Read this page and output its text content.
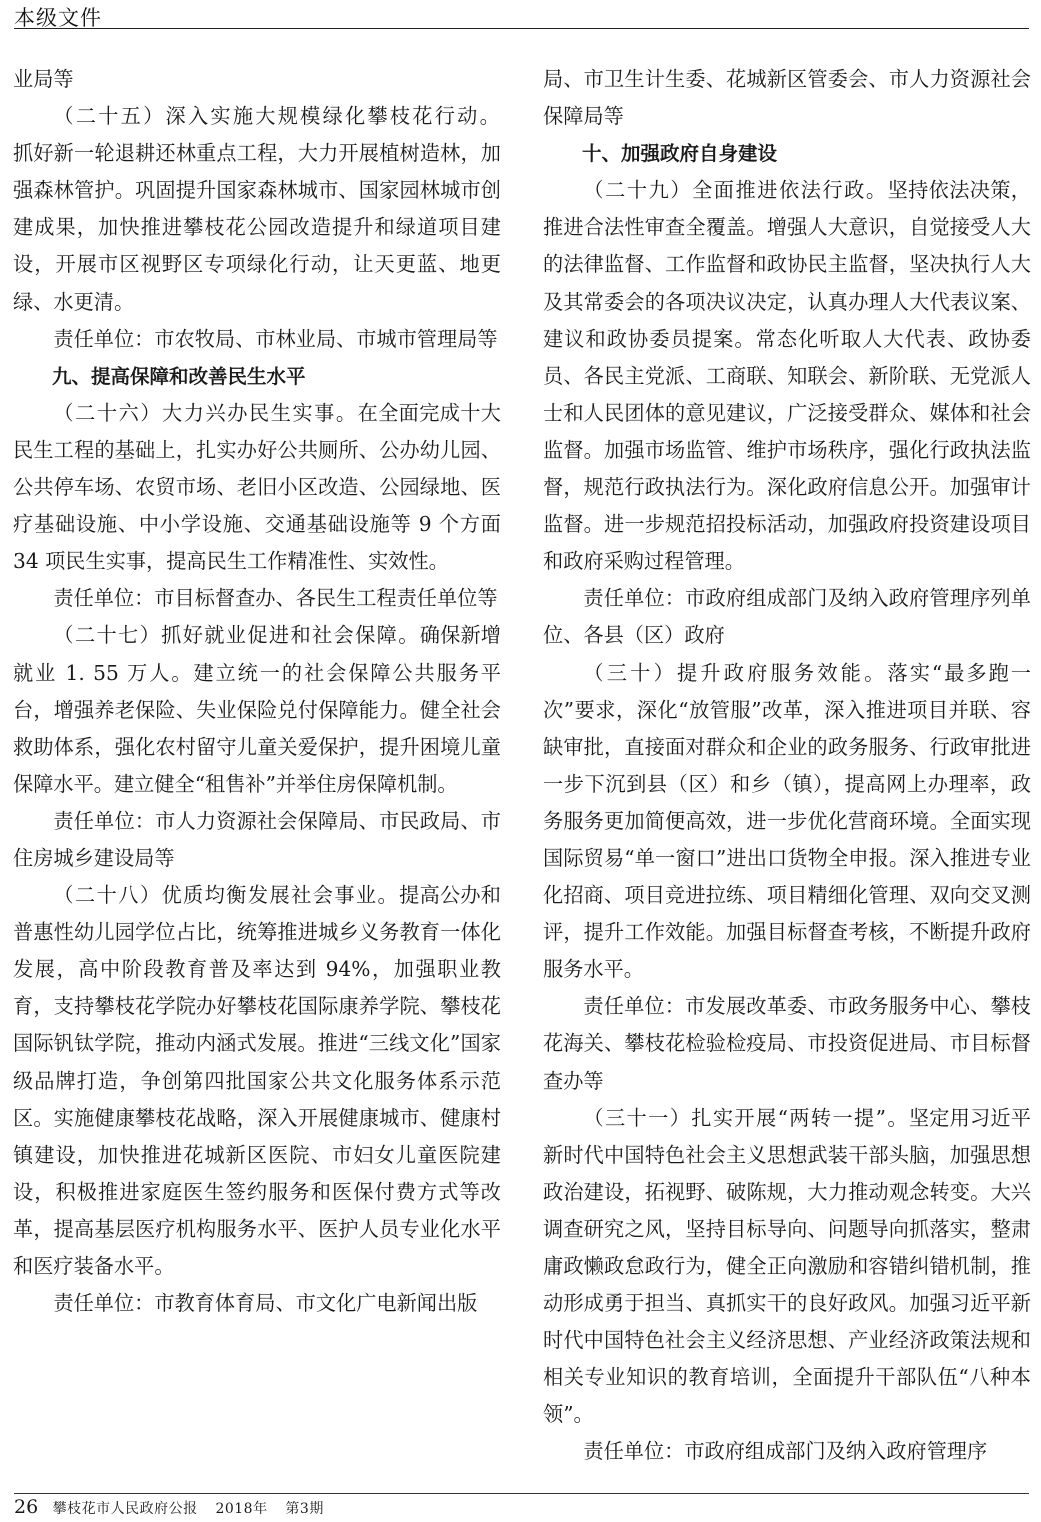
本级文件

业局等

（二十五）深入实施大规模绿化攀枝花行动。抓好新一轮退耕还林重点工程，大力开展植树造林，加强森林管护。巩固提升国家森林城市、国家园林城市创建成果，加快推进攀枝花公园改造提升和绿道项目建设，开展市区视野区专项绿化行动，让天更蓝、地更绿、水更清。

责任单位：市农牧局、市林业局、市城市管理局等

九、提高保障和改善民生水平

（二十六）大力兴办民生实事。在全面完成十大民生工程的基础上，扎实办好公共厕所、公办幼儿园、公共停车场、农贸市场、老旧小区改造、公园绿地、医疗基础设施、中小学设施、交通基础设施等 9 个方面 34 项民生实事，提高民生工作精准性、实效性。

责任单位：市目标督查办、各民生工程责任单位等

（二十七）抓好就业促进和社会保障。确保新增就业 1. 55 万人。建立统一的社会保障公共服务平台，增强养老保险、失业保险兑付保障能力。健全社会救助体系，强化农村留守儿童关爱保护，提升困境儿童保障水平。建立健全“租售补”并举住房保障机制。

责任单位：市人力资源社会保障局、市民政局、市住房城乡建设局等

（二十八）优质均衡发展社会事业。提高公办和普惠性幼儿园学位占比，统筹推进城乡义务教育一体化发展，高中阶段教育普及率达到 94%，加强职业教育，支持攀枝花学院办好攀枝花国际康养学院、攀枝花国际钒钛学院，推动内涵式发展。推进“三线文化”国家级品牌打造，争创第四批国家公共文化服务体系示范区。实施健康攀枝花战略，深入开展健康城市、健康村镇建设，加快推进花城新区医院、市妇女儿童医院建设，积极推进家庭医生签约服务和医保付费方式等改革，提高基层医疗机构服务水平、医护人员专业化水平和医疗装备水平。

责任单位：市教育体育局、市文化广电新闻出版

局、市卫生计生委、花城新区管委会、市人力资源社会保障局等

十、加强政府自身建设

（二十九）全面推进依法行政。坚持依法决策，推进合法性审查全覆盖。增强人大意识，自觉接受人大的法律监督、工作监督和政协民主监督，坚决执行人大及其常委会的各项决议决定，认真办理人大代表议案、建议和政协委员提案。常态化听取人大代表、政协委员、各民主党派、工商联、知联会、新阶联、无党派人士和人民团体的意见建议，广泛接受群众、媒体和社会监督。加强市场监管、维护市场秩序，强化行政执法监督，规范行政执法行为。深化政府信息公开。加强审计监督。进一步规范招投标活动，加强政府投资建设项目和政府采购过程管理。

责任单位：市政府组成部门及纳入政府管理序列单位、各县（区）政府

（三十）提升政府服务效能。落实“最多跑一次”要求，深化“放管服”改革，深入推进项目并联、容缺审批，直接面对群众和企业的政务服务、行政审批进一步下沉到县（区）和乡（镇），提高网上办理率，政务服务更加简便高效，进一步优化营商环境。全面实现国际贸易“单一窗口”进出口货物全申报。深入推进专业化招商、项目竞进拉练、项目精细化管理、双向交叉测评，提升工作效能。加强目标督查考核，不断提升政府服务水平。

责任单位：市发展改革委、市政务服务中心、攀枝花海关、攀枝花检验检疫局、市投资促进局、市目标督查办等

（三十一）扎实开展“两转一提”。坚定用习近平新时代中国特色社会主义思想武装干部头脑，加强思想政治建设，拓视野、破陈规，大力推动观念转变。大兴调查研究之风，坚持目标导向、问题导向抓落实，整肃庸政懒政怠政行为，健全正向激励和容错纠错机制，推动形成勇于担当、真抓实干的良好政风。加强习近平新时代中国特色社会主义经济思想、产业经济政策法规和相关专业知识的教育培训，全面提升干部队伍“八种本领”。

责任单位：市政府组成部门及纳入政府管理序

26 攀枝花市人民政府公报 2018年 第3期
